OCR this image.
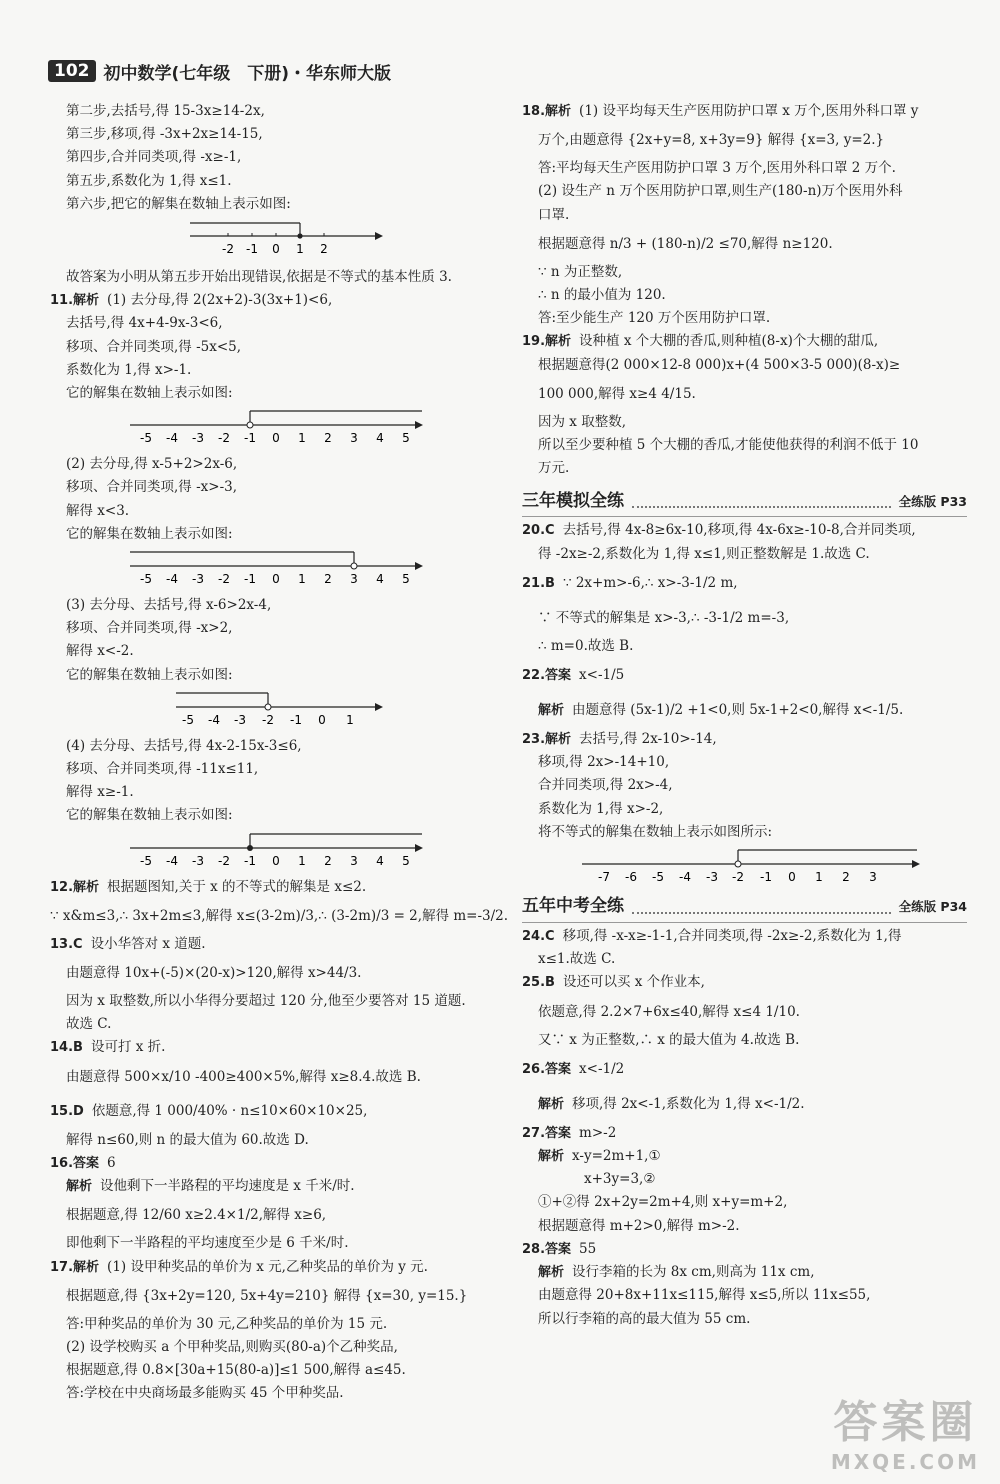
102 初中数学(七年级　下册)・华东师大版

第二步,去括号,得 15-3x≥14-2x,

第三步,移项,得 -3x+2x≥14-15,

第四步,合并同类项,得 -x≥-1,

第五步,系数化为 1,得 x≤1.

第六步,把它的解集在数轴上表示如图:

-2 -1 0 1 2

故答案为小明从第五步开始出现错误,依据是不等式的基本性质 3.

11.解析 (1) 去分母,得 2(2x+2)-3(3x+1)<6,

去括号,得 4x+4-9x-3<6,

移项、合并同类项,得 -5x<5,

系数化为 1,得 x>-1.

它的解集在数轴上表示如图:

-5 -4 -3 -2 -1 0 1 2 3 4 5

(2) 去分母,得 x-5+2>2x-6,

移项、合并同类项,得 -x>-3,

解得 x<3.

它的解集在数轴上表示如图:

-5 -4 -3 -2 -1 0 1 2 3 4 5

(3) 去分母、去括号,得 x-6>2x-4,

移项、合并同类项,得 -x>2,

解得 x<-2.

它的解集在数轴上表示如图:

-5 -4 -3 -2 -1 0 1

(4) 去分母、去括号,得 4x-2-15x-3≤6,

移项、合并同类项,得 -11x≤11,

解得 x≥-1.

它的解集在数轴上表示如图:

-5 -4 -3 -2 -1 0 1 2 3 4 5

12.解析 根据题图知,关于 x 的不等式的解集是 x≤2.

∵ x&m≤3,∴ 3x+2m≤3,解得 x≤(3-2m)/3,∴ (3-2m)/3 = 2,解得 m=-3/2.

13.C 设小华答对 x 道题.

由题意得 10x+(-5)×(20-x)>120,解得 x>44/3.

因为 x 取整数,所以小华得分要超过 120 分,他至少要答对 15 道题.

故选 C.

14.B 设可打 x 折.

由题意得 500×x/10 -400≥400×5%,解得 x≥8.4.故选 B.

15.D 依题意,得 1 000/40% · n≤10×60×10×25,

解得 n≤60,则 n 的最大值为 60.故选 D.

16.答案 6

解析 设他剩下一半路程的平均速度是 x 千米/时.

根据题意,得 12/60 x≥2.4×1/2,解得 x≥6,

即他剩下一半路程的平均速度至少是 6 千米/时.

17.解析 (1) 设甲种奖品的单价为 x 元,乙种奖品的单价为 y 元.

根据题意,得 {3x+2y=120, 5x+4y=210} 解得 {x=30, y=15.}

答:甲种奖品的单价为 30 元,乙种奖品的单价为 15 元.

(2) 设学校购买 a 个甲种奖品,则购买(80-a)个乙种奖品,

根据题意,得 0.8×[30a+15(80-a)]≤1 500,解得 a≤45.

答:学校在中央商场最多能购买 45 个甲种奖品.

18.解析 (1) 设平均每天生产医用防护口罩 x 万个,医用外科口罩 y

万个,由题意得 {2x+y=8, x+3y=9} 解得 {x=3, y=2.}

答:平均每天生产医用防护口罩 3 万个,医用外科口罩 2 万个.

(2) 设生产 n 万个医用防护口罩,则生产(180-n)万个医用外科

口罩.

根据题意得 n/3 + (180-n)/2 ≤70,解得 n≥120.

∵ n 为正整数,

∴ n 的最小值为 120.

答:至少能生产 120 万个医用防护口罩.

19.解析 设种植 x 个大棚的香瓜,则种植(8-x)个大棚的甜瓜,

根据题意得(2 000×12-8 000)x+(4 500×3-5 000)(8-x)≥

100 000,解得 x≥4 4/15.

因为 x 取整数,

所以至少要种植 5 个大棚的香瓜,才能使他获得的利润不低于 10

万元.

三年模拟全练	全练版 P33

20.C 去括号,得 4x-8≥6x-10,移项,得 4x-6x≥-10-8,合并同类项,

得 -2x≥-2,系数化为 1,得 x≤1,则正整数解是 1.故选 C.

21.B ∵ 2x+m>-6,∴ x>-3-1/2 m,

∵ 不等式的解集是 x>-3,∴ -3-1/2 m=-3,

∴ m=0.故选 B.

22.答案 x<-1/5

解析 由题意得 (5x-1)/2 +1<0,则 5x-1+2<0,解得 x<-1/5.

23.解析 去括号,得 2x-10>-14,

移项,得 2x>-14+10,

合并同类项,得 2x>-4,

系数化为 1,得 x>-2,

将不等式的解集在数轴上表示如图所示:

-7 -6 -5 -4 -3 -2 -1 0 1 2 3
五年中考全练	全练版 P34

24.C 移项,得 -x-x≥-1-1,合并同类项,得 -2x≥-2,系数化为 1,得

x≤1.故选 C.

25.B 设还可以买 x 个作业本,

依题意,得 2.2×7+6x≤40,解得 x≤4 1/10.

又∵ x 为正整数,∴ x 的最大值为 4.故选 B.

26.答案 x<-1/2

解析 移项,得 2x<-1,系数化为 1,得 x<-1/2.

27.答案 m>-2

解析 x-y=2m+1,①

x+3y=3,②

①+②得 2x+2y=2m+4,则 x+y=m+2,

根据题意得 m+2>0,解得 m>-2.

28.答案 55

解析 设行李箱的长为 8x cm,则高为 11x cm,

由题意得 20+8x+11x≤115,解得 x≤5,所以 11x≤55,

所以行李箱的高的最大值为 55 cm.

答案圈
MXQE.COM
